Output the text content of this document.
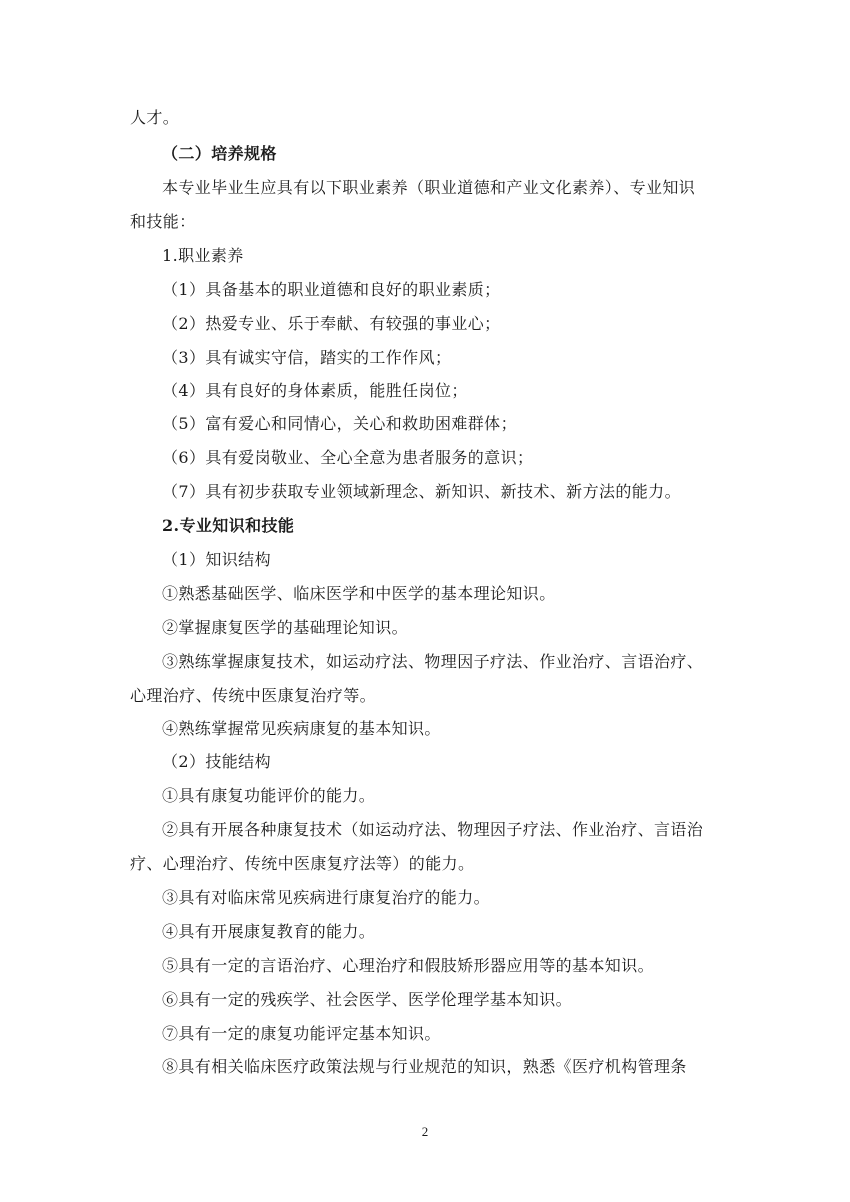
人才。
（二）培养规格
本专业毕业生应具有以下职业素养（职业道德和产业文化素养）、专业知识
和技能：
1.职业素养
（1）具备基本的职业道德和良好的职业素质；
（2）热爱专业、乐于奉献、有较强的事业心；
（3）具有诚实守信，踏实的工作作风；
（4）具有良好的身体素质，能胜任岗位；
（5）富有爱心和同情心，关心和救助困难群体；
（6）具有爱岗敬业、全心全意为患者服务的意识；
（7）具有初步获取专业领域新理念、新知识、新技术、新方法的能力。
2.专业知识和技能
（1）知识结构
①熟悉基础医学、临床医学和中医学的基本理论知识。
②掌握康复医学的基础理论知识。
③熟练掌握康复技术，如运动疗法、物理因子疗法、作业治疗、言语治疗、
心理治疗、传统中医康复治疗等。
④熟练掌握常见疾病康复的基本知识。
（2）技能结构
①具有康复功能评价的能力。
②具有开展各种康复技术（如运动疗法、物理因子疗法、作业治疗、言语治
疗、心理治疗、传统中医康复疗法等）的能力。
③具有对临床常见疾病进行康复治疗的能力。
④具有开展康复教育的能力。
⑤具有一定的言语治疗、心理治疗和假肢矫形器应用等的基本知识。
⑥具有一定的残疾学、社会医学、医学伦理学基本知识。
⑦具有一定的康复功能评定基本知识。
⑧具有相关临床医疗政策法规与行业规范的知识，熟悉《医疗机构管理条
2
